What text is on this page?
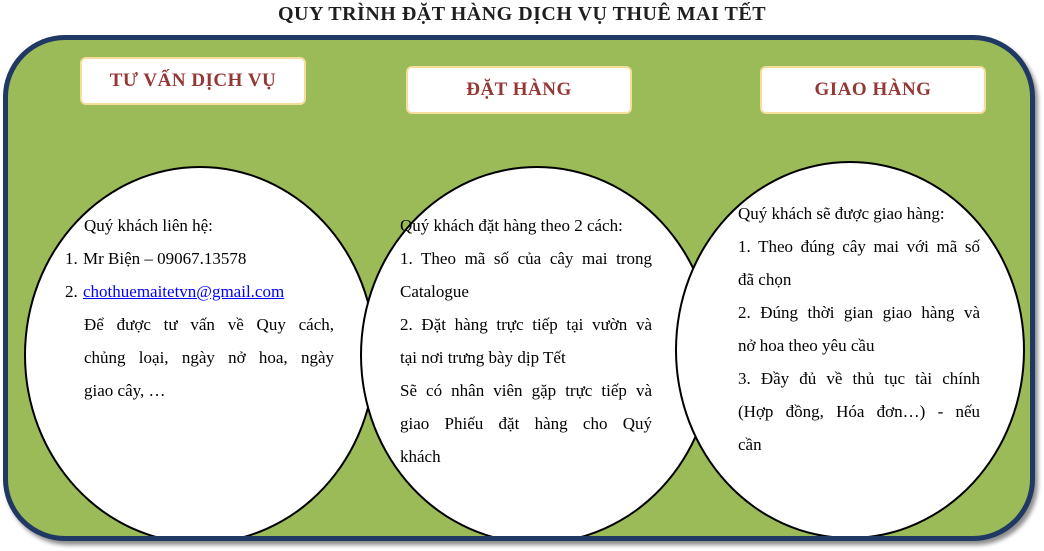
QUY TRÌNH ĐẶT HÀNG DỊCH VỤ THUÊ MAI TẾT
TƯ VẤN DỊCH VỤ	ĐẶT HÀNG	GIAO HÀNG
Quý khách liên hệ:
1. Mr Biện – 09067.13578
2. chothuemaitetvn@gmail.com
Để được tư vấn về Quy cách,
chủng loại, ngày nở hoa, ngày
giao cây, …
Quý khách đặt hàng theo 2 cách:
1. Theo mã số của cây mai trong
Catalogue
2. Đặt hàng trực tiếp tại vườn và
tại nơi trưng bày dịp Tết
Sẽ có nhân viên gặp trực tiếp và
giao Phiếu đặt hàng cho Quý
khách
Quý khách sẽ được giao hàng:
1. Theo đúng cây mai với mã số
đã chọn
2. Đúng thời gian giao hàng và
nở hoa theo yêu cầu
3. Đầy đủ về thủ tục tài chính
(Hợp đồng, Hóa đơn…) - nếu
cần
